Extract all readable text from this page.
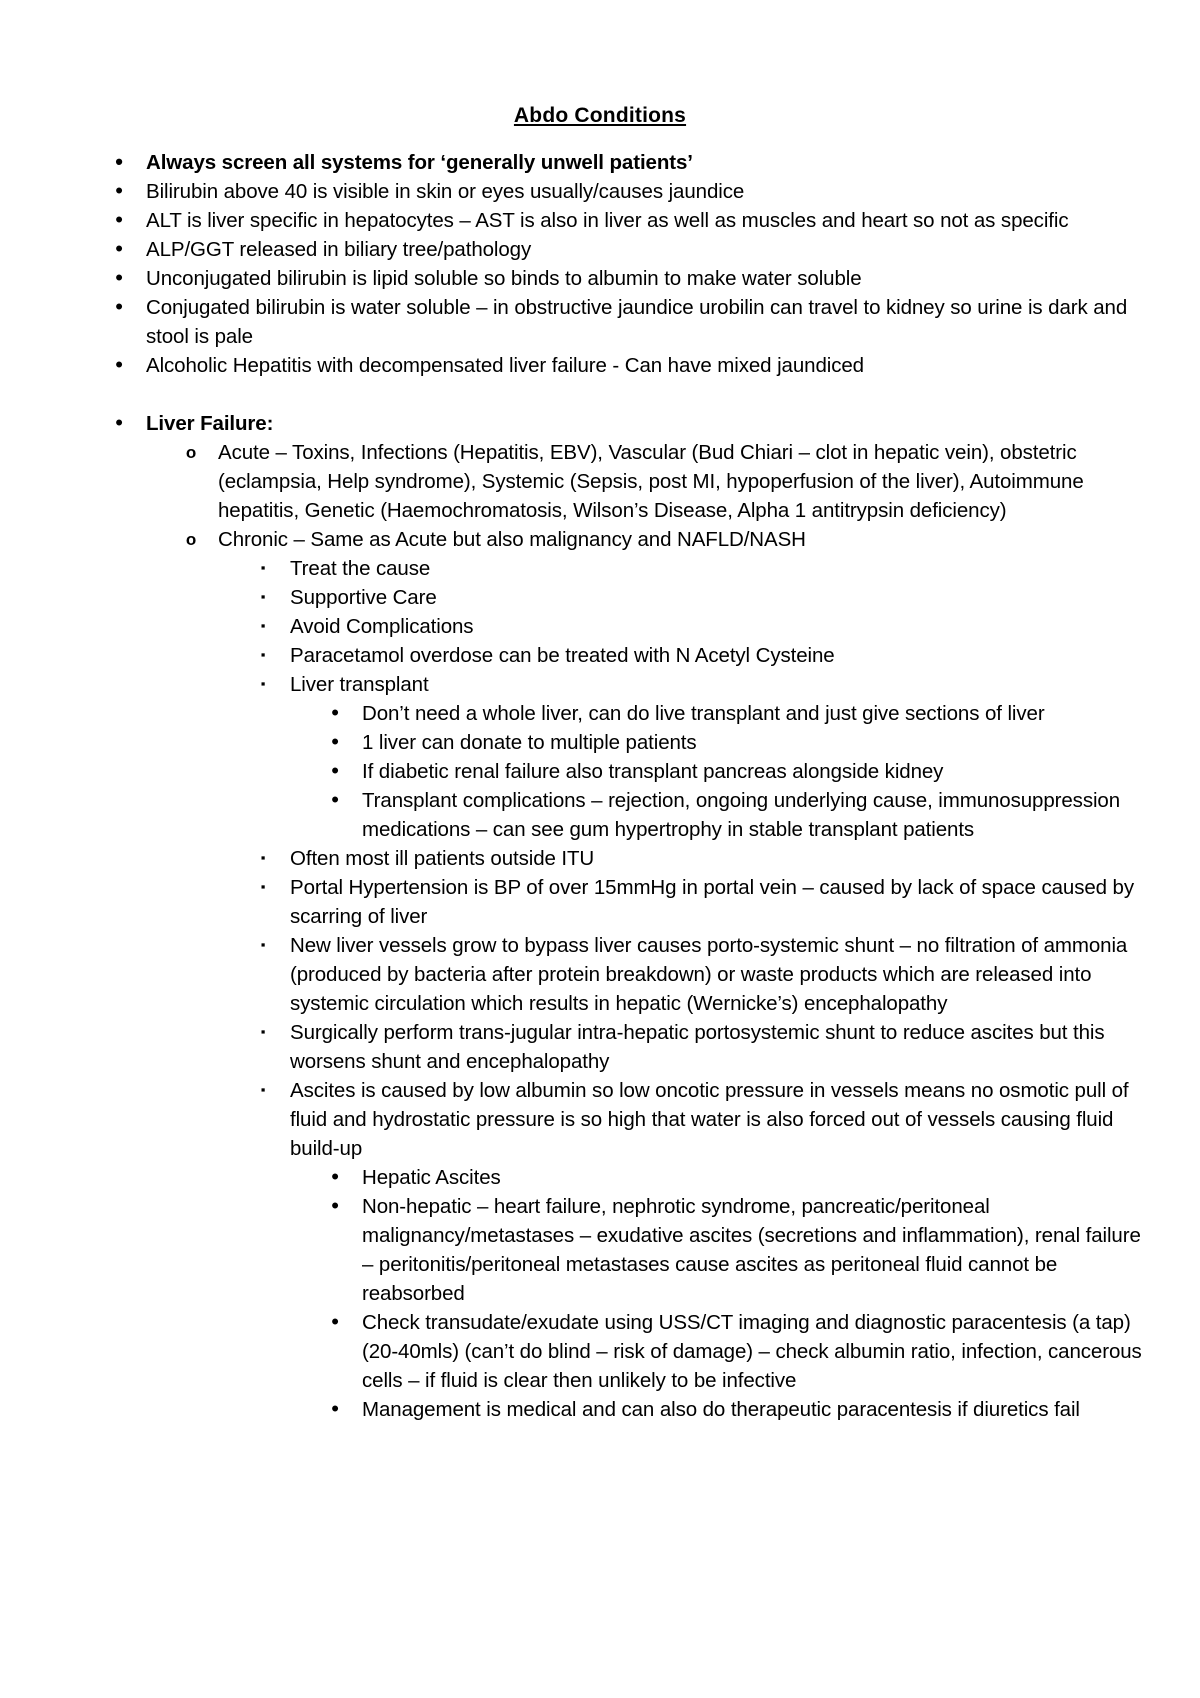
Abdo Conditions
• Always screen all systems for ‘generally unwell patients’
• Bilirubin above 40 is visible in skin or eyes usually/causes jaundice
• ALT is liver specific in hepatocytes – AST is also in liver as well as muscles and heart so not as specific
• ALP/GGT released in biliary tree/pathology
• Unconjugated bilirubin is lipid soluble so binds to albumin to make water soluble
• Conjugated bilirubin is water soluble – in obstructive jaundice urobilin can travel to kidney so urine is dark and stool is pale
• Alcoholic Hepatitis with decompensated liver failure - Can have mixed jaundiced
• Liver Failure:
o Acute – Toxins, Infections (Hepatitis, EBV), Vascular (Bud Chiari – clot in hepatic vein), obstetric (eclampsia, Help syndrome), Systemic (Sepsis, post MI, hypoperfusion of the liver), Autoimmune hepatitis, Genetic (Haemochromatosis, Wilson’s Disease, Alpha 1 antitrypsin deficiency)
o Chronic – Same as Acute but also malignancy and NAFLD/NASH
▪ Treat the cause
▪ Supportive Care
▪ Avoid Complications
▪ Paracetamol overdose can be treated with N Acetyl Cysteine
▪ Liver transplant
• Don’t need a whole liver, can do live transplant and just give sections of liver
• 1 liver can donate to multiple patients
• If diabetic renal failure also transplant pancreas alongside kidney
• Transplant complications – rejection, ongoing underlying cause, immunosuppression medications – can see gum hypertrophy in stable transplant patients
▪ Often most ill patients outside ITU
▪ Portal Hypertension is BP of over 15mmHg in portal vein – caused by lack of space caused by scarring of liver
▪ New liver vessels grow to bypass liver causes porto-systemic shunt – no filtration of ammonia (produced by bacteria after protein breakdown) or waste products which are released into systemic circulation which results in hepatic (Wernicke’s) encephalopathy
▪ Surgically perform trans-jugular intra-hepatic portosystemic shunt to reduce ascites but this worsens shunt and encephalopathy
▪ Ascites is caused by low albumin so low oncotic pressure in vessels means no osmotic pull of fluid and hydrostatic pressure is so high that water is also forced out of vessels causing fluid build-up
• Hepatic Ascites
• Non-hepatic – heart failure, nephrotic syndrome, pancreatic/peritoneal malignancy/metastases – exudative ascites (secretions and inflammation), renal failure – peritonitis/peritoneal metastases cause ascites as peritoneal fluid cannot be reabsorbed
• Check transudate/exudate using USS/CT imaging and diagnostic paracentesis (a tap) (20-40mls) (can’t do blind – risk of damage) – check albumin ratio, infection, cancerous cells – if fluid is clear then unlikely to be infective
• Management is medical and can also do therapeutic paracentesis if diuretics fail
